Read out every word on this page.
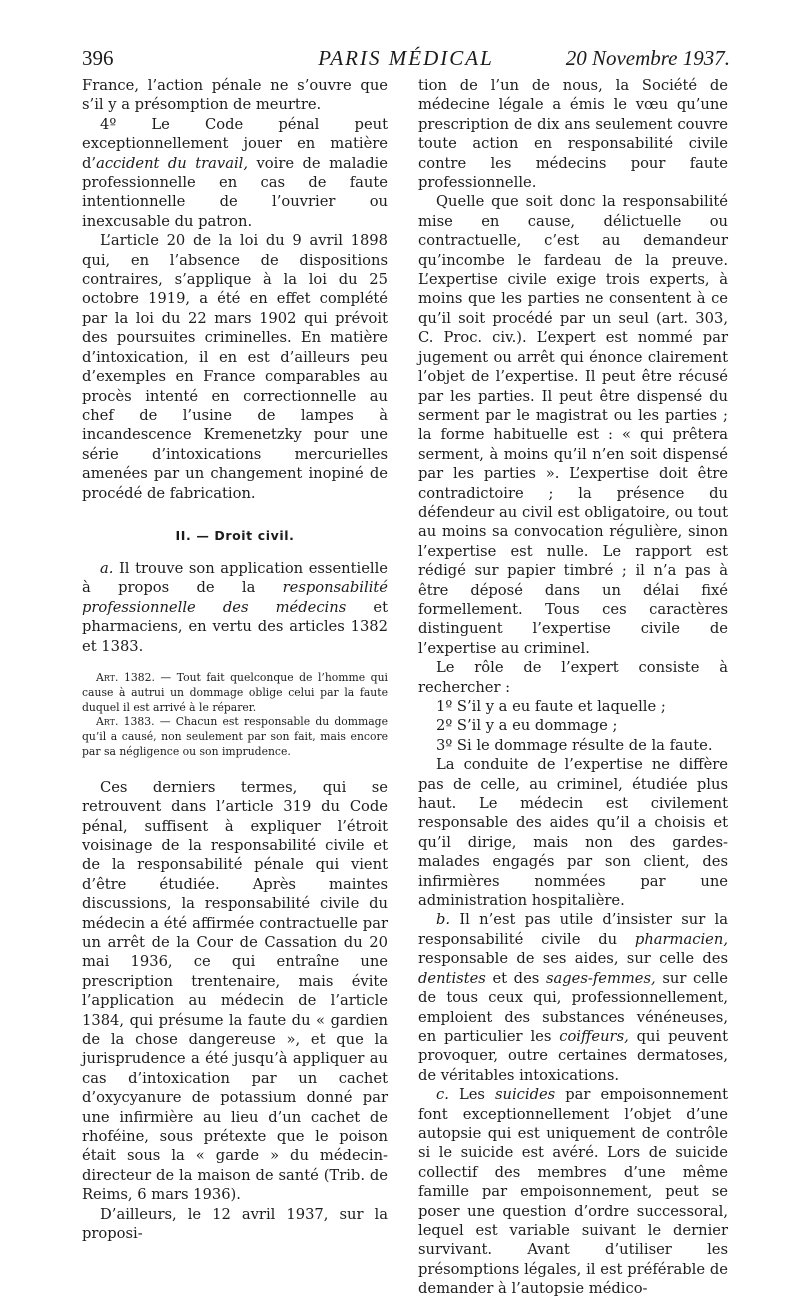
396	PARIS MÉDICAL	20 Novembre 1937.

France, l’action pénale ne s’ouvre que s’il y a présomption de meurtre.

4º Le Code pénal peut exceptionnellement jouer en matière d’accident du travail, voire de maladie professionnelle en cas de faute intentionnelle de l’ouvrier ou inexcusable du patron.

L’article 20 de la loi du 9 avril 1898 qui, en l’absence de dispositions contraires, s’applique à la loi du 25 octobre 1919, a été en effet complété par la loi du 22 mars 1902 qui prévoit des poursuites criminelles. En matière d’intoxication, il en est d’ailleurs peu d’exemples en France comparables au procès intenté en correctionnelle au chef de l’usine de lampes à incandescence Kremenetzky pour une série d’intoxications mercurielles amenées par un changement inopiné de procédé de fabrication.

II. — Droit civil.

a. Il trouve son application essentielle à propos de la responsabilité professionnelle des médecins et pharmaciens, en vertu des articles 1382 et 1383.

Art. 1382. — Tout fait quelconque de l’homme qui cause à autrui un dommage oblige celui par la faute duquel il est arrivé à le réparer.

Art. 1383. — Chacun est responsable du dommage qu’il a causé, non seulement par son fait, mais encore par sa négligence ou son imprudence.

Ces derniers termes, qui se retrouvent dans l’article 319 du Code pénal, suffisent à expliquer l’étroit voisinage de la responsabilité civile et de la responsabilité pénale qui vient d’être étudiée. Après maintes discussions, la responsabilité civile du médecin a été affirmée contractuelle par un arrêt de la Cour de Cassation du 20 mai 1936, ce qui entraîne une prescription trentenaire, mais évite l’application au médecin de l’article 1384, qui présume la faute du « gardien de la chose dangereuse », et que la jurisprudence a été jusqu’à appliquer au cas d’intoxication par un cachet d’oxycyanure de potassium donné par une infirmière au lieu d’un cachet de rhoféine, sous prétexte que le poison était sous la « garde » du médecin-directeur de la maison de santé (Trib. de Reims, 6 mars 1936).

D’ailleurs, le 12 avril 1937, sur la proposi-

tion de l’un de nous, la Société de médecine légale a émis le vœu qu’une prescription de dix ans seulement couvre toute action en responsabilité civile contre les médecins pour faute professionnelle.

Quelle que soit donc la responsabilité mise en cause, délictuelle ou contractuelle, c’est au demandeur qu’incombe le fardeau de la preuve. L’expertise civile exige trois experts, à moins que les parties ne consentent à ce qu’il soit procédé par un seul (art. 303, C. Proc. civ.). L’expert est nommé par jugement ou arrêt qui énonce clairement l’objet de l’expertise. Il peut être récusé par les parties. Il peut être dispensé du serment par le magistrat ou les parties ; la forme habituelle est : « qui prêtera serment, à moins qu’il n’en soit dispensé par les parties ». L’expertise doit être contradictoire ; la présence du défendeur au civil est obligatoire, ou tout au moins sa convocation régulière, sinon l’expertise est nulle. Le rapport est rédigé sur papier timbré ; il n’a pas à être déposé dans un délai fixé formellement. Tous ces caractères distinguent l’expertise civile de l’expertise au criminel.

Le rôle de l’expert consiste à rechercher :

1º S’il y a eu faute et laquelle ;

2º S’il y a eu dommage ;

3º Si le dommage résulte de la faute.

La conduite de l’expertise ne diffère pas de celle, au criminel, étudiée plus haut. Le médecin est civilement responsable des aides qu’il a choisis et qu’il dirige, mais non des gardes-malades engagés par son client, des infirmières nommées par une administration hospitalière.

b. Il n’est pas utile d’insister sur la responsabilité civile du pharmacien, responsable de ses aides, sur celle des dentistes et des sages-femmes, sur celle de tous ceux qui, professionnellement, emploient des substances vénéneuses, en particulier les coiffeurs, qui peuvent provoquer, outre certaines dermatoses, de véritables intoxications.

c. Les suicides par empoisonnement font exceptionnellement l’objet d’une autopsie qui est uniquement de contrôle si le suicide est avéré. Lors de suicide collectif des membres d’une même famille par empoisonnement, peut se poser une question d’ordre successoral, lequel est variable suivant le dernier survivant. Avant d’utiliser les présomptions légales, il est préférable de demander à l’autopsie médico-
